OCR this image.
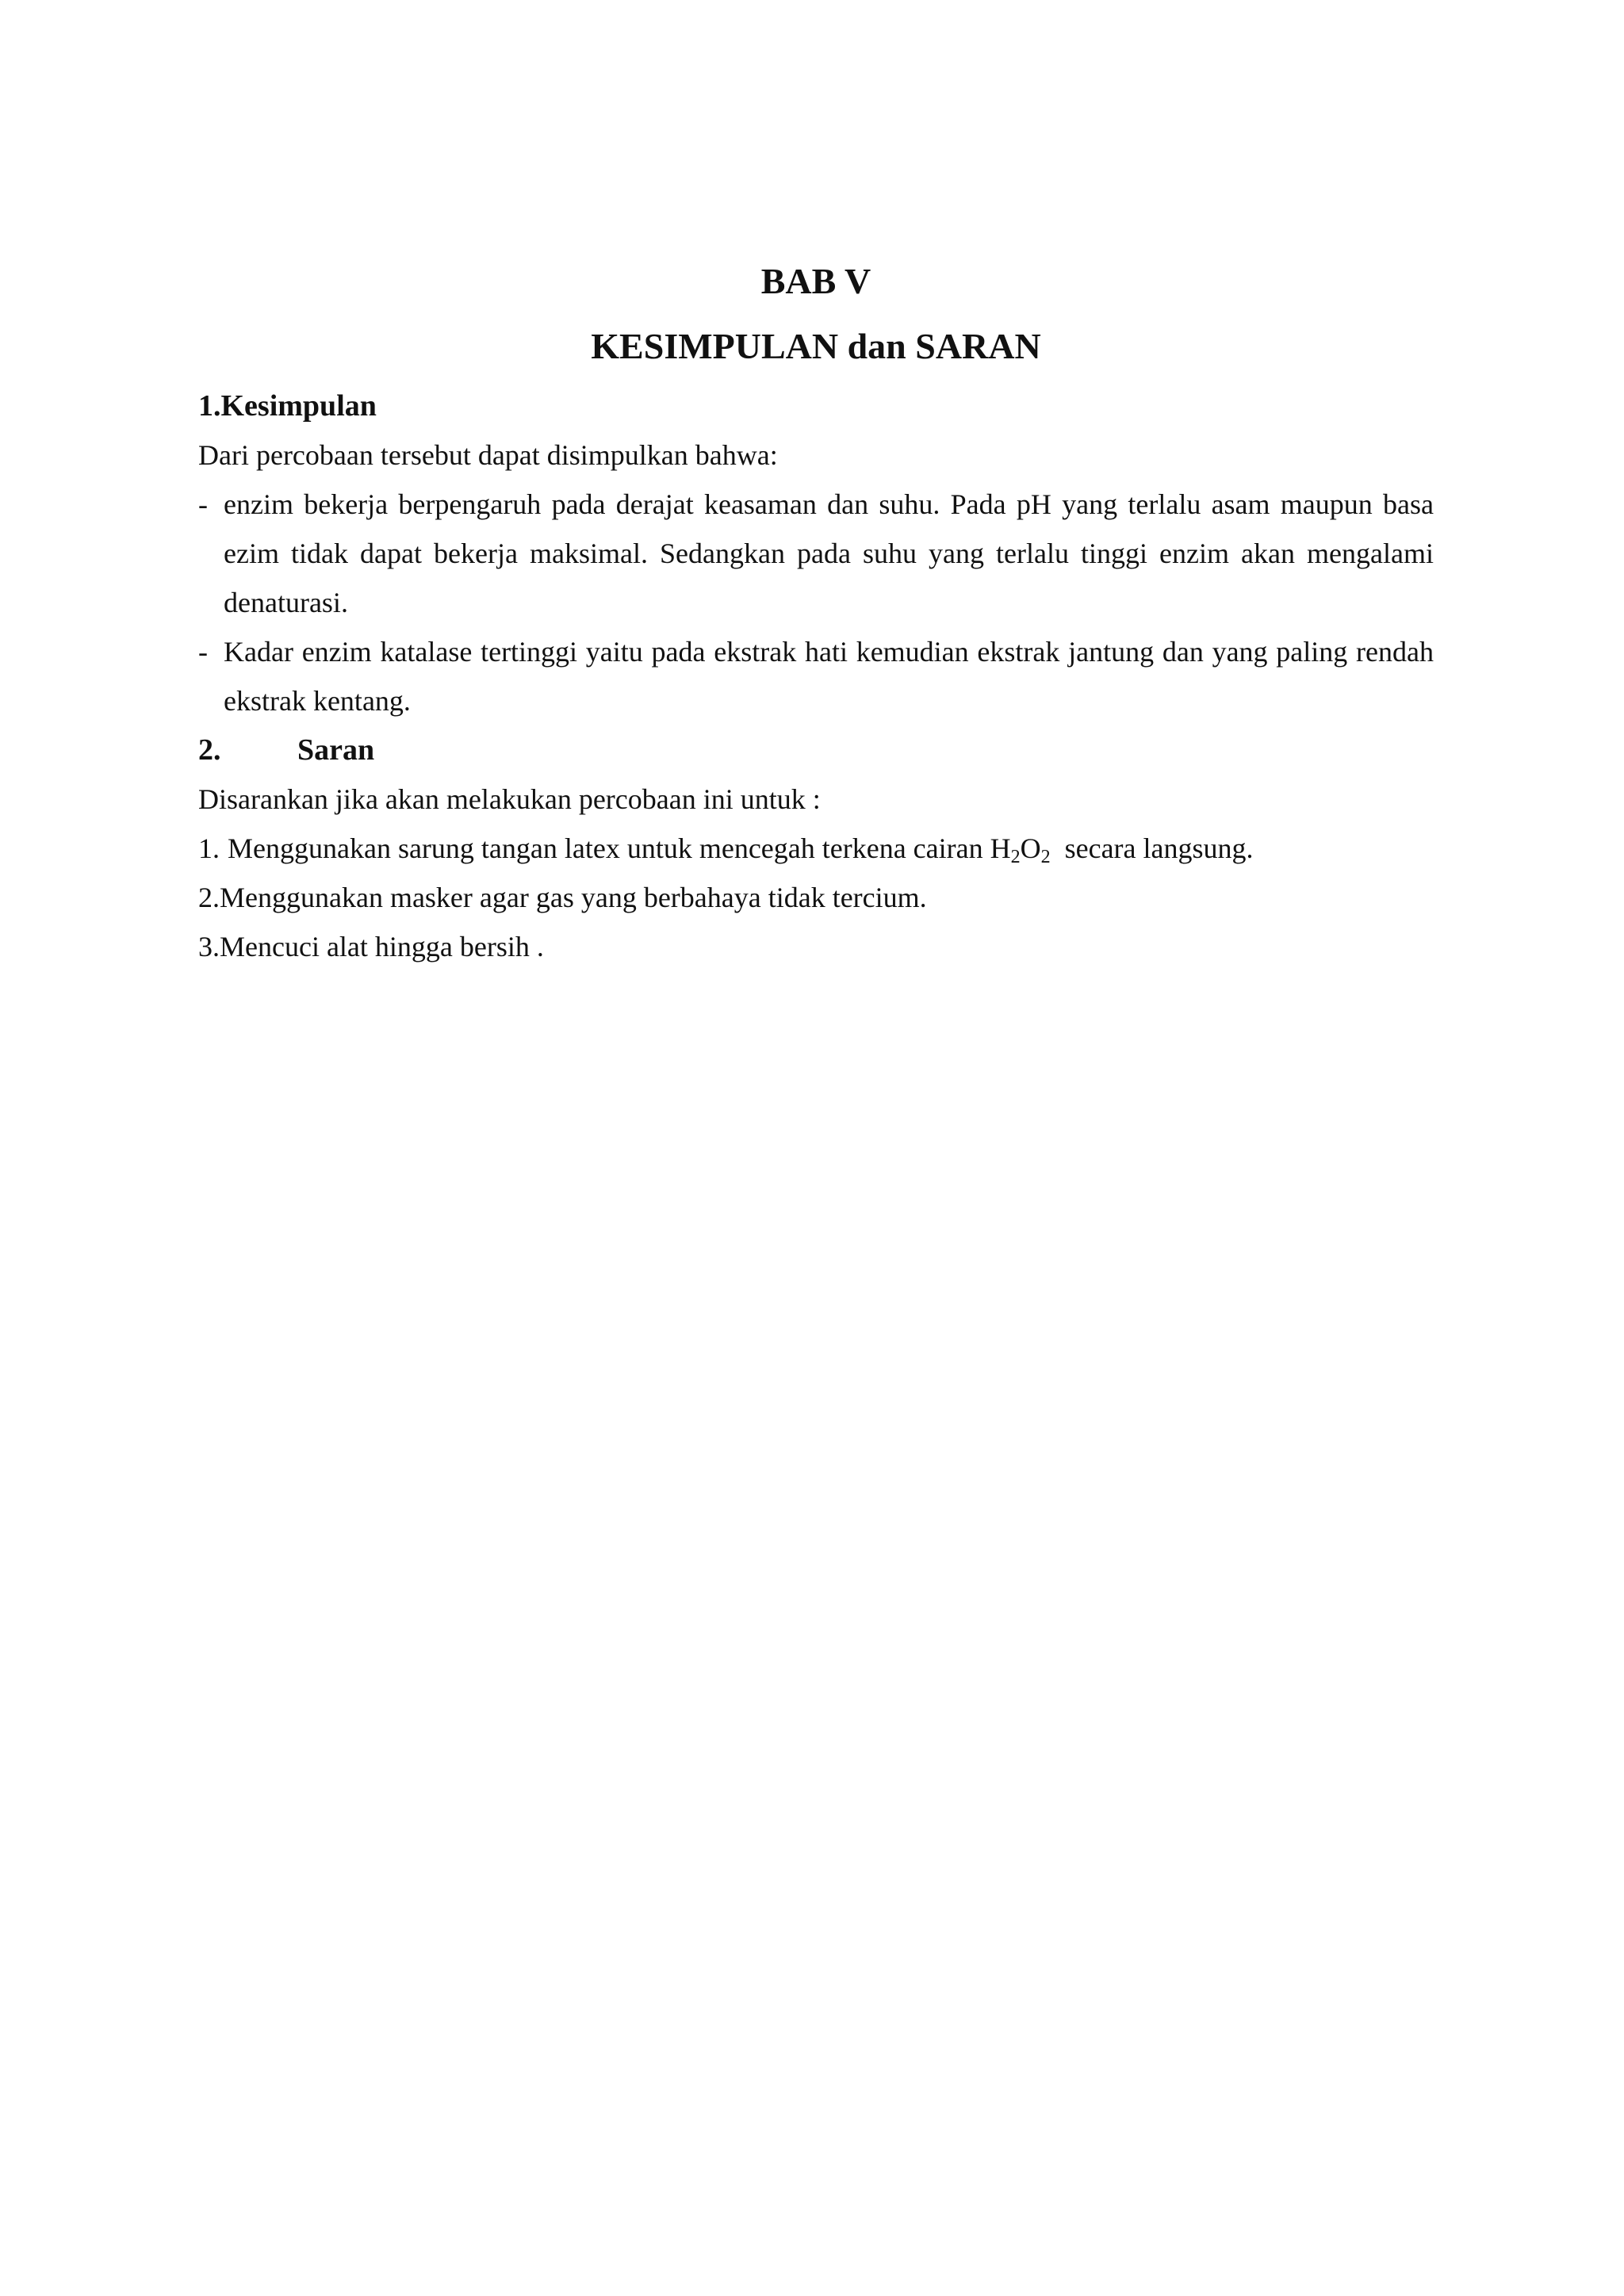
BAB V
KESIMPULAN dan SARAN
1. Kesimpulan

Dari percobaan tersebut dapat disimpulkan bahwa:

- enzim bekerja berpengaruh pada derajat keasaman dan suhu. Pada pH yang terlalu asam maupun basa ezim tidak dapat bekerja maksimal. Sedangkan pada suhu yang terlalu tinggi enzim akan mengalami denaturasi.
- Kadar enzim katalase tertinggi yaitu pada ekstrak hati kemudian ekstrak jantung dan yang paling rendah ekstrak kentang.
2.	Saran

Disarankan jika akan melakukan percobaan ini untuk :

1. Menggunakan sarung tangan latex untuk mencegah terkena cairan $H_2O_2$  secara langsung.
2. Menggunakan masker agar gas yang berbahaya tidak tercium.
3. Mencuci alat hingga bersih .
